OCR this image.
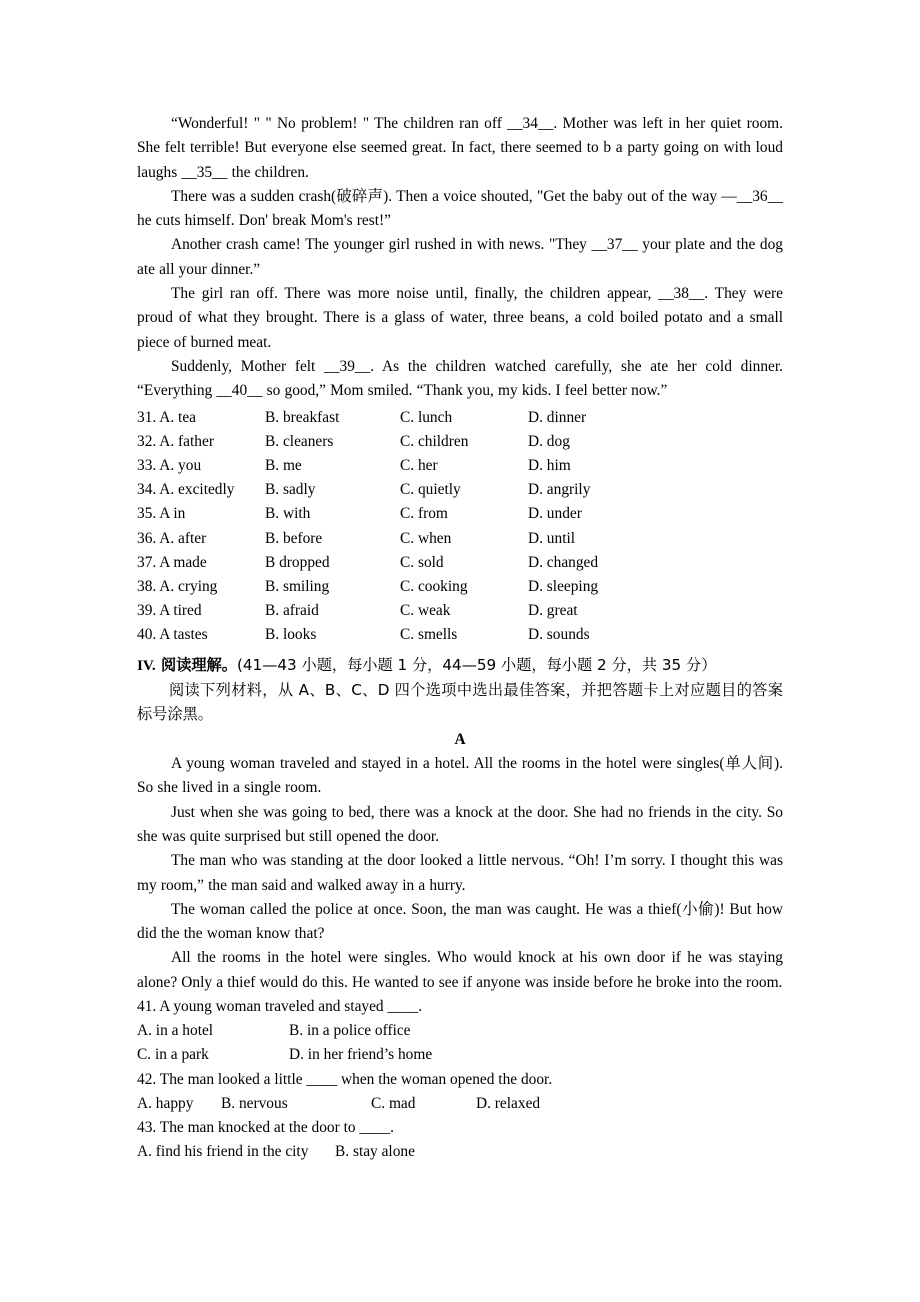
“Wonderful! " " No problem! " The children ran off __34__. Mother was left in her quiet room. She felt terrible! But everyone else seemed great. In fact, there seemed to b a party going on with loud laughs __35__ the children.

There was a sudden crash(破碎声). Then a voice shouted, "Get the baby out of the way —__36__ he cuts himself. Don' break Mom's rest!”

Another crash came! The younger girl rushed in with news. "They __37__ your plate and the dog ate all your dinner.”

The girl ran off. There was more noise until, finally, the children appear, __38__. They were proud of what they brought. There is a glass of water, three beans, a cold boiled potato and a small piece of burned meat.

Suddenly, Mother felt __39__. As the children watched carefully, she ate her cold dinner. “Everything __40__ so good,” Mom smiled. “Thank you, my kids. I feel better now.”

31. A. tea	B. breakfast	C. lunch	D. dinner
32. A. father	B. cleaners	C. children	D. dog
33. A. you	B. me	C. her	D. him
34. A. excitedly	B. sadly	C. quietly	D. angrily
35. A in	B. with	C. from	D. under
36. A. after	B. before	C. when	D. until
37. A made	B dropped	C. sold	D. changed
38. A. crying	B. smiling	C. cooking	D. sleeping
39. A tired	B. afraid	C. weak	D. great
40. A tastes	B. looks	C. smells	D. sounds
IV. 阅读理解。(41—43 小题，每小题 1 分，44—59 小题，每小题 2 分，共 35 分）
阅读下列材料，从 A、B、C、D 四个选项中选出最佳答案，并把答题卡上对应题目的答案标号涂黑。
A

A young woman traveled and stayed in a hotel. All the rooms in the hotel were singles(单人间). So she lived in a single room.

Just when she was going to bed, there was a knock at the door. She had no friends in the city. So she was quite surprised but still opened the door.

The man who was standing at the door looked a little nervous. “Oh! I’m sorry. I thought this was my room,” the man said and walked away in a hurry.

The woman called the police at once. Soon, the man was caught. He was a thief(小偷)! But how did the the woman know that?

All the rooms in the hotel were singles. Who would knock at his own door if he was staying alone? Only a thief would do this. He wanted to see if anyone was inside before he broke into the room.

41. A young woman traveled and stayed ____.
A. in a hotel	B. in a police office
C. in a park	D. in her friend’s home
42. The man looked a little ____ when the woman opened the door.
A. happy	B. nervous	C. mad	D. relaxed
43. The man knocked at the door to ____.
A. find his friend in the city	B. stay alone
